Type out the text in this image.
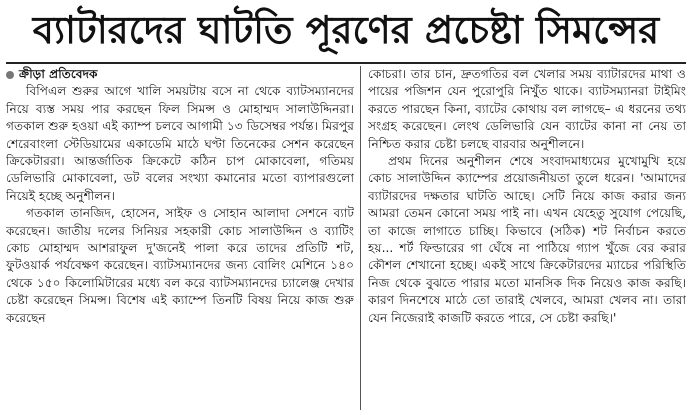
ব্যাটারদের ঘাটতি পূরণের প্রচেষ্টা সিমন্সের
ক্রীড়া প্রতিবেদক

বিপিএল শুরুর আগে খালি সময়টায় বসে না থেকে ব্যাটসম্যানদের নিয়ে ব্যস্ত সময় পার করছেন ফিল সিমন্স ও মোহাম্মদ সালাউদ্দিনরা। গতকাল শুরু হওয়া এই ক্যাম্প চলবে আগামী ১৩ ডিসেম্বর পর্যন্ত। মিরপুর শেরেবাংলা স্টেডিয়ামের একাডেমি মাঠে ঘণ্টা তিনেকের সেশন করেছেন ক্রিকেটাররা। আন্তর্জাতিক ক্রিকেটে কঠিন চাপ মোকাবেলা, গতিময় ডেলিভারি মোকাবেলা, ডট বলের সংখ্যা কমানোর মতো ব্যাপারগুলো নিয়েই হচ্ছে অনুশীলন।

গতকাল তানজিদ, হোসেন, সাইফ ও সোহান আলাদা সেশনে ব্যাট করেছেন। জাতীয় দলের সিনিয়র সহকারী কোচ সালাউদ্দিন ও ব্যাটিং কোচ মোহাম্মদ আশরাফুল দু'জনেই পালা করে তাদের প্রতিটি শট, ফুটওয়ার্ক পর্যবেক্ষণ করেছেন। ব্যাটসম্যানদের জন্য বোলিং মেশিনে ১৪০ থেকে ১৫০ কিলোমিটারের মধ্যে বল করে ব্যাটসম্যানদের চ্যালেঞ্জ দেখার চেষ্টা করেছেন সিমন্স। বিশেষ এই ক্যাম্পে তিনটি বিষয় নিয়ে কাজ শুরু করেছেন

কোচরা। তার চান, দ্রুতগতির বল খেলার সময় ব্যাটারদের মাথা ও পায়ের পজিশন যেন পুরোপুরি নিখুঁত থাকে। ব্যাটসম্যানরা টাইমিং করতে পারছেন কিনা, ব্যাটের কোথায় বল লাগছে– এ ধরনের তথ্য সংগ্রহ করেছেন। লেংথ ডেলিভারি যেন ব্যাটের কানা না নেয় তা নিশ্চিত করার চেষ্টা চলছে বারবার অনুশীলনে।

প্রথম দিনের অনুশীলন শেষে সংবাদমাধ্যমের মুখোমুখি হয়ে কোচ সালাউদ্দিন ক্যাম্পের প্রয়োজনীয়তা তুলে ধরেন। 'আমাদের ব্যাটারদের দক্ষতার ঘাটতি আছে। সেটি নিয়ে কাজ করার জন্য আমরা তেমন কোনো সময় পাই না। এখন যেহেতু সুযোগ পেয়েছি, তা কাজে লাগাতে চাচ্ছি। কিভাবে (সঠিক) শট নির্বাচন করতে হয়... শর্ট ফিল্ডারের গা ঘেঁষে না পাঠিয়ে গ্যাপ খুঁজে বের করার কৌশল শেখানো হচ্ছে। একই সাথে ক্রিকেটারদের ম্যাচের পরিস্থিতি নিজ থেকে বুঝতে পারার মতো মানসিক দিক নিয়েও কাজ করছি। কারণ দিনশেষে মাঠে তো তারাই খেলবে, আমরা খেলব না। তারা যেন নিজেরাই কাজটি করতে পারে, সে চেষ্টা করছি।'
